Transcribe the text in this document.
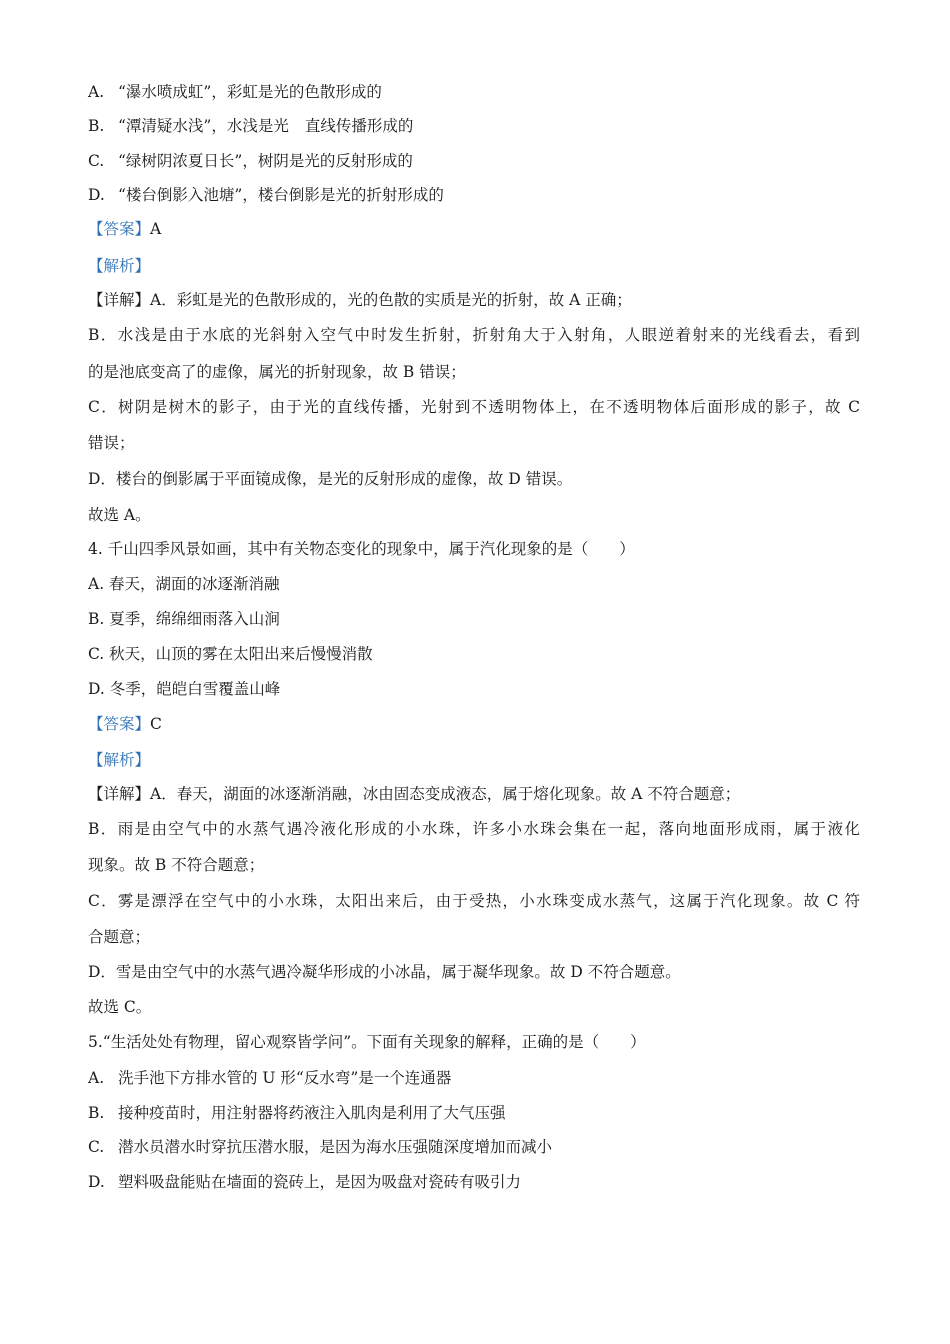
A. “瀑水喷成虹”，彩虹是光的色散形成的
B. “潭清疑水浅”，水浅是光 直线传播形成的
C. “绿树阴浓夏日长”，树阴是光的反射形成的
D. “楼台倒影入池塘”，楼台倒影是光的折射形成的
【答案】A
【解析】
【详解】A．彩虹是光的色散形成的，光的色散的实质是光的折射，故 A 正确；
B．水浅是由于水底的光斜射入空气中时发生折射，折射角大于入射角，人眼逆着射来的光线看去，看到
的是池底变高了的虚像，属光的折射现象，故 B 错误；
C．树阴是树木的影子，由于光的直线传播，光射到不透明物体上，在不透明物体后面形成的影子，故 C
错误；
D．楼台的倒影属于平面镜成像，是光的反射形成的虚像，故 D 错误。
故选 A。
4. 千山四季风景如画，其中有关物态变化的现象中，属于汽化现象的是（　　）
A. 春天，湖面的冰逐渐消融
B. 夏季，绵绵细雨落入山涧
C. 秋天，山顶的雾在太阳出来后慢慢消散
D. 冬季，皑皑白雪覆盖山峰
【答案】C
【解析】
【详解】A．春天，湖面的冰逐渐消融，冰由固态变成液态，属于熔化现象。故 A 不符合题意；
B．雨是由空气中的水蒸气遇冷液化形成的小水珠，许多小水珠会集在一起，落向地面形成雨，属于液化
现象。故 B 不符合题意；
C．雾是漂浮在空气中的小水珠，太阳出来后，由于受热，小水珠变成水蒸气，这属于汽化现象。故 C 符
合题意；
D．雪是由空气中的水蒸气遇冷凝华形成的小冰晶，属于凝华现象。故 D 不符合题意。
故选 C。
5.“生活处处有物理，留心观察皆学问”。下面有关现象的解释，正确的是（　　）
A. 洗手池下方排水管的 U 形“反水弯”是一个连通器
B. 接种疫苗时，用注射器将药液注入肌肉是利用了大气压强
C. 潜水员潜水时穿抗压潜水服，是因为海水压强随深度增加而减小
D. 塑料吸盘能贴在墙面的瓷砖上，是因为吸盘对瓷砖有吸引力
